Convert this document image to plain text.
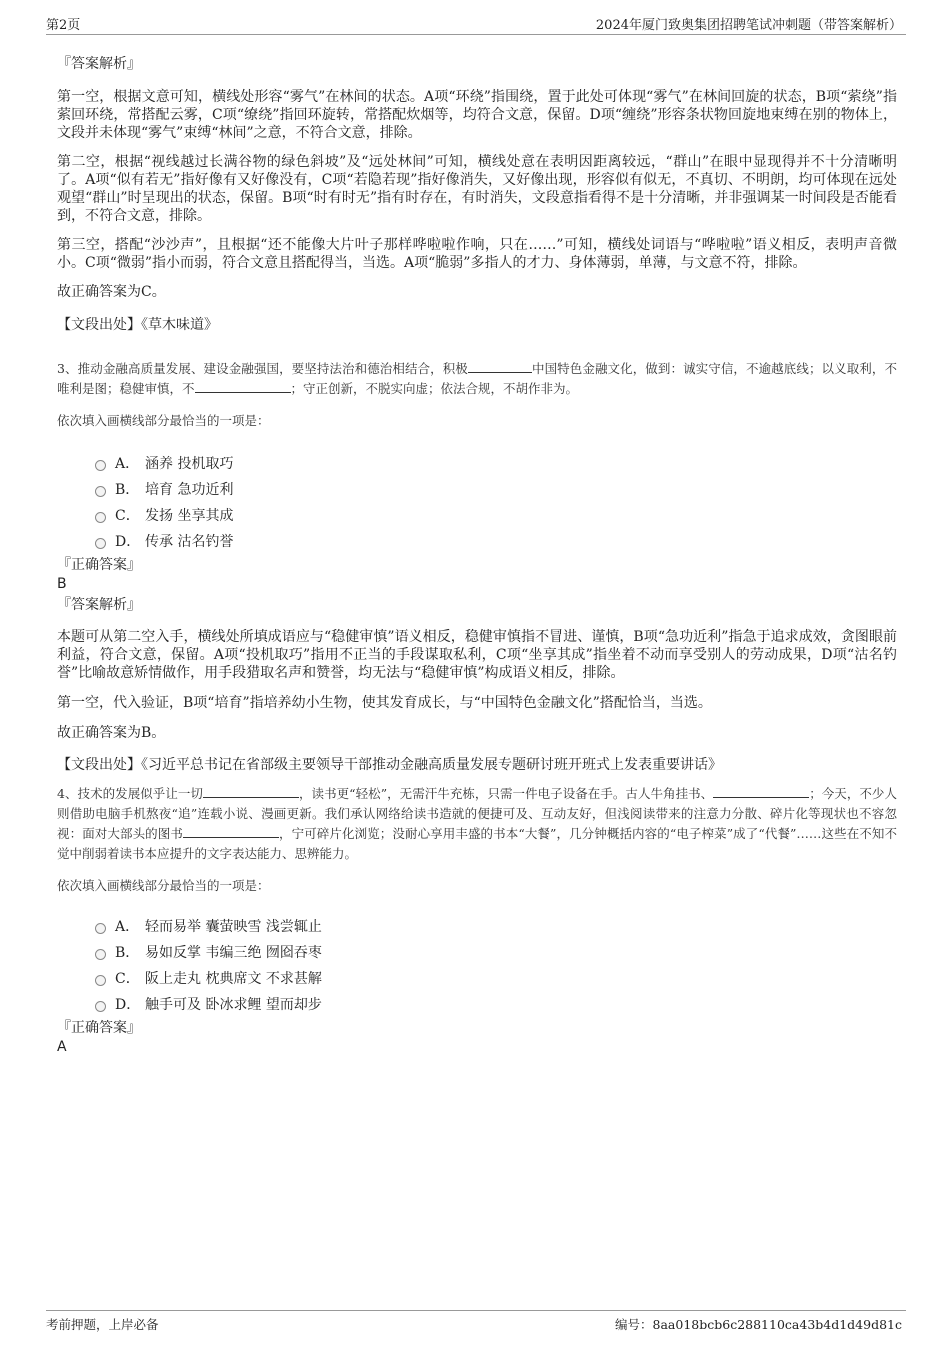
第2页	2024年厦门致奥集团招聘笔试冲刺题（带答案解析）

『答案解析』

第一空，根据文意可知，横线处形容“雾气”在林间的状态。A项“环绕”指围绕，置于此处可体现“雾气”在林间回旋的状态，B项“萦绕”指萦回环绕，常搭配云雾，C项“缭绕”指回环旋转，常搭配炊烟等，均符合文意，保留。D项“缠绕”形容条状物回旋地束缚在别的物体上，文段并未体现“雾气”束缚“林间”之意，不符合文意，排除。

第二空，根据“视线越过长满谷物的绿色斜坡”及“远处林间”可知，横线处意在表明因距离较远，“群山”在眼中显现得并不十分清晰明了。A项“似有若无”指好像有又好像没有，C项“若隐若现”指好像消失，又好像出现，形容似有似无，不真切、不明朗，均可体现在远处观望“群山”时呈现出的状态，保留。B项“时有时无”指有时存在，有时消失，文段意指看得不是十分清晰，并非强调某一时间段是否能看到，不符合文意，排除。

第三空，搭配“沙沙声”，且根据“还不能像大片叶子那样哗啦啦作响，只在……”可知，横线处词语与“哗啦啦”语义相反，表明声音微小。C项“微弱”指小而弱，符合文意且搭配得当，当选。A项“脆弱”多指人的才力、身体薄弱，单薄，与文意不符，排除。

故正确答案为C。

【文段出处】《草木味道》

3、推动金融高质量发展、建设金融强国，要坚持法治和德治相结合，积极	中国特色金融文化，做到：诚实守信，不逾越底线；以义取利，不唯利是图；稳健审慎，不	；守正创新，不脱实向虚；依法合规，不胡作非为。

依次填入画横线部分最恰当的一项是：

A． 涵养 投机取巧
B． 培育 急功近利
C． 发扬 坐享其成
D． 传承 沽名钓誉

『正确答案』

B

『答案解析』

本题可从第二空入手，横线处所填成语应与“稳健审慎”语义相反，稳健审慎指不冒进、谨慎，B项“急功近利”指急于追求成效，贪图眼前利益，符合文意，保留。A项“投机取巧”指用不正当的手段谋取私利，C项“坐享其成”指坐着不动而享受别人的劳动成果，D项“沽名钓誉”比喻故意矫情做作，用手段猎取名声和赞誉，均无法与“稳健审慎”构成语义相反，排除。

第一空，代入验证，B项“培育”指培养幼小生物，使其发育成长，与“中国特色金融文化”搭配恰当，当选。

故正确答案为B。

【文段出处】《习近平总书记在省部级主要领导干部推动金融高质量发展专题研讨班开班式上发表重要讲话》

4、技术的发展似乎让一切	，读书更“轻松”，无需汗牛充栋，只需一件电子设备在手。古人牛角挂书、	；今天，不少人则借助电脑手机熬夜“追”连载小说、漫画更新。我们承认网络给读书造就的便捷可及、互动友好，但浅阅读带来的注意力分散、碎片化等现状也不容忽视：面对大部头的图书	，宁可碎片化浏览；没耐心享用丰盛的书本“大餐”，几分钟概括内容的“电子榨菜”成了“代餐”……这些在不知不觉中削弱着读书本应提升的文字表达能力、思辨能力。

依次填入画横线部分最恰当的一项是：

A． 轻而易举 囊萤映雪 浅尝辄止
B． 易如反掌 韦编三绝 囫囵吞枣
C． 阪上走丸 枕典席文 不求甚解
D． 触手可及 卧冰求鲤 望而却步

『正确答案』

A

考前押题，上岸必备	编号：8aa018bcb6c288110ca43b4d1d49d81c
